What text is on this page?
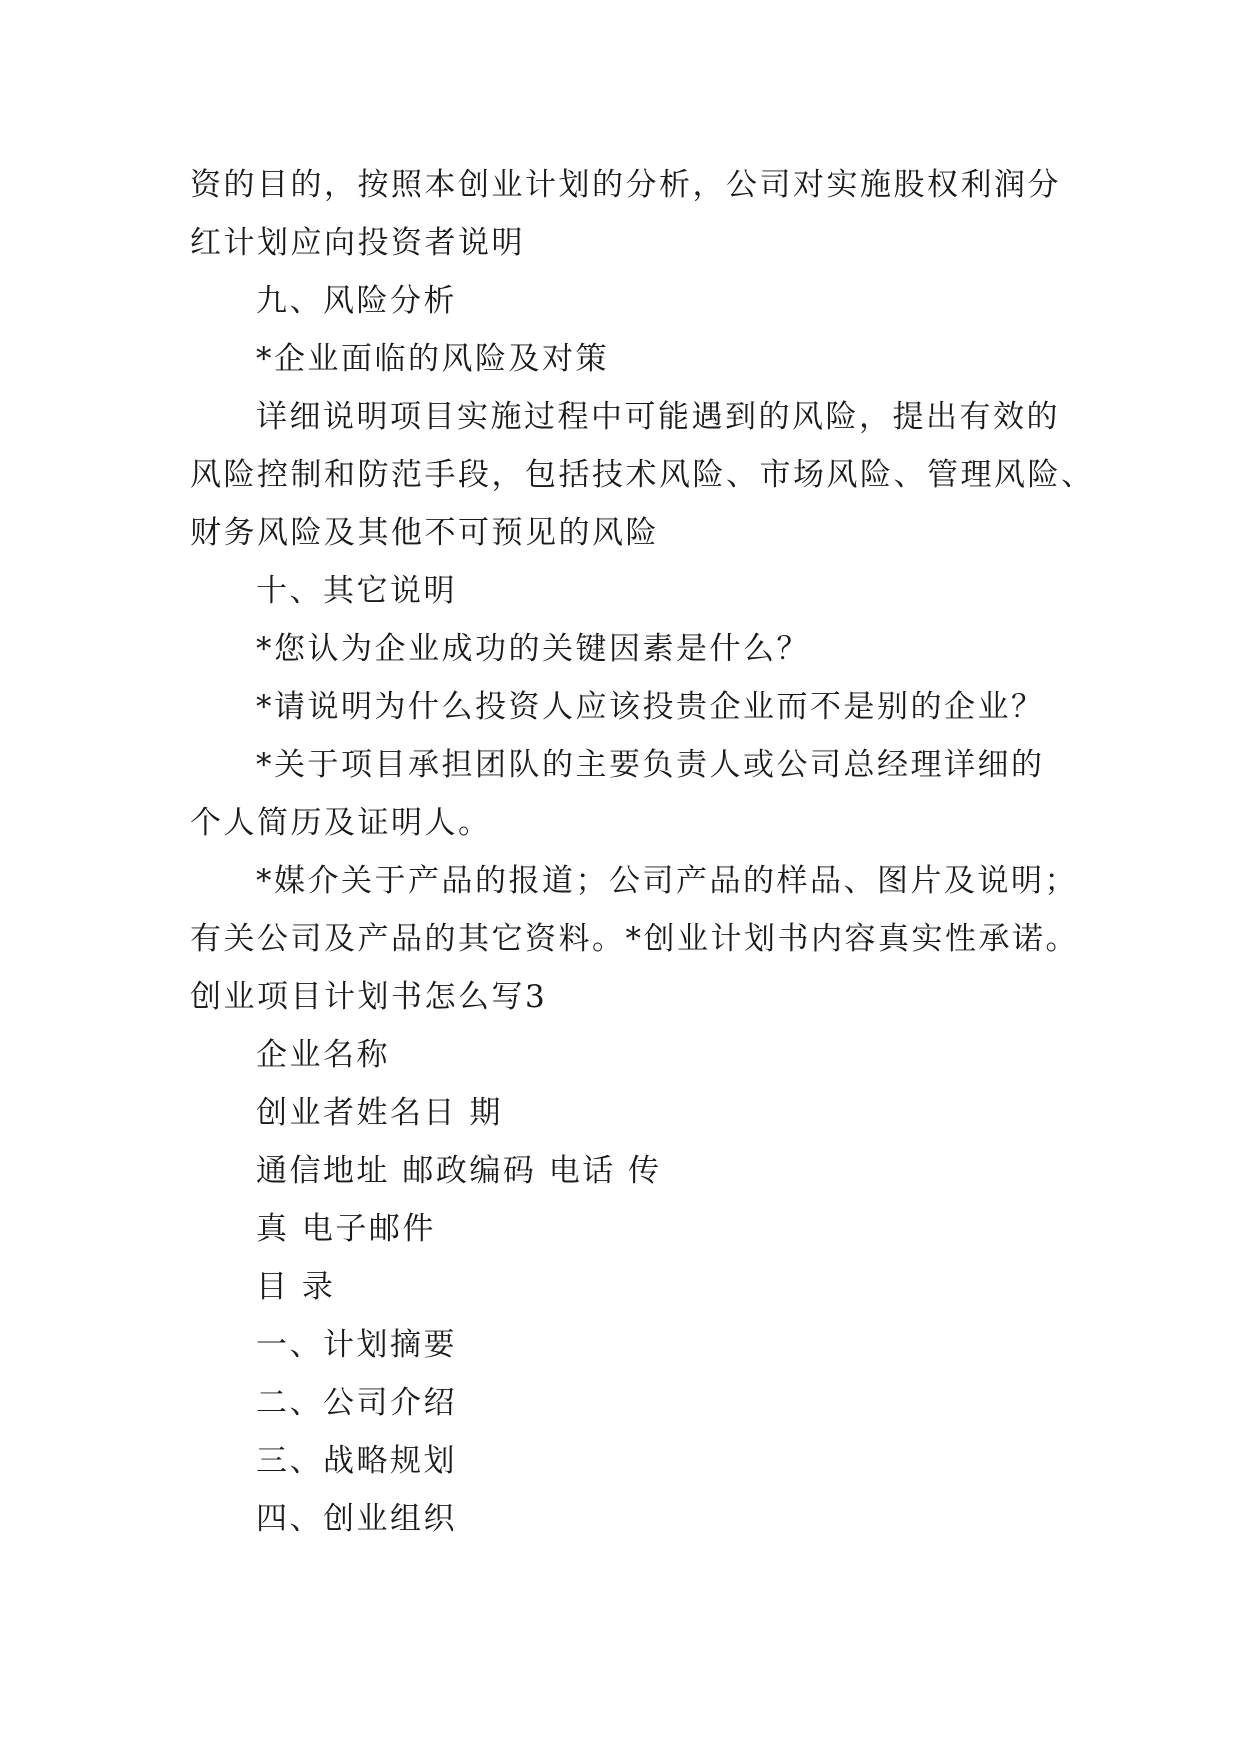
资的目的，按照本创业计划的分析，公司对实施股权利润分
红计划应向投资者说明
九、风险分析
*企业面临的风险及对策
详细说明项目实施过程中可能遇到的风险，提出有效的
风险控制和防范手段，包括技术风险、市场风险、管理风险、
财务风险及其他不可预见的风险
十、其它说明
*您认为企业成功的关键因素是什么？
*请说明为什么投资人应该投贵企业而不是别的企业？
*关于项目承担团队的主要负责人或公司总经理详细的
个人简历及证明人。
*媒介关于产品的报道；公司产品的样品、图片及说明；
有关公司及产品的其它资料。*创业计划书内容真实性承诺。
创业项目计划书怎么写3
企业名称
创业者姓名日 期
通信地址 邮政编码 电话 传
真 电子邮件
目 录
一、计划摘要
二、公司介绍
三、战略规划
四、创业组织
